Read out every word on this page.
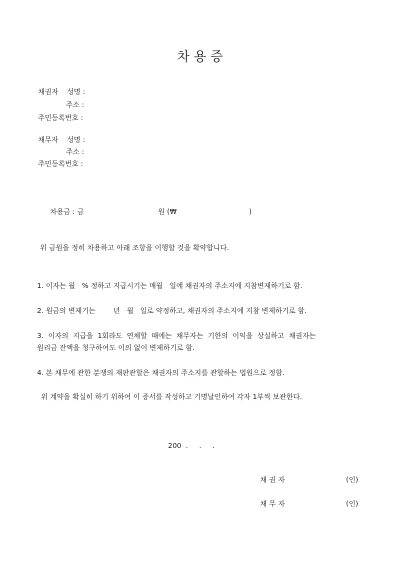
차 용 증
채권자 성명 :
주소 :
주민등록번호 :
채무자 성명 :
주소 :
주민등록번호 :
차용금 : 금	원 (₩	)
위 금원을 정히 차용하고 아래 조항을 이행할 것을 확약합니다.
1. 이자는 월   % 정하고 지급시기는 매월   일에 채권자의 주소지에 지참변제하기로 함.
2. 원금의 변제기는        년   월   일로 약정하고, 채권자의 주소지에 지참 변제하기로 함.
3.  이자의  지급을  1회라도  연체할  때에는  채무자는  기한의  이익을  상실하고  채권자는
원리금 잔액을 청구하여도 이의 없이 변제하기로 함.
4. 본 채무에 관한 분쟁의 재판관할은 채권자의 주소지를 관할하는 법원으로 정함.
위 계약을 확실히 하기 위하여 이 증서를 작성하고 기명날인하여 각자 1부씩 보관한다.
200  .     .     .
채 권 자	(인)
채 무 자	(인)
